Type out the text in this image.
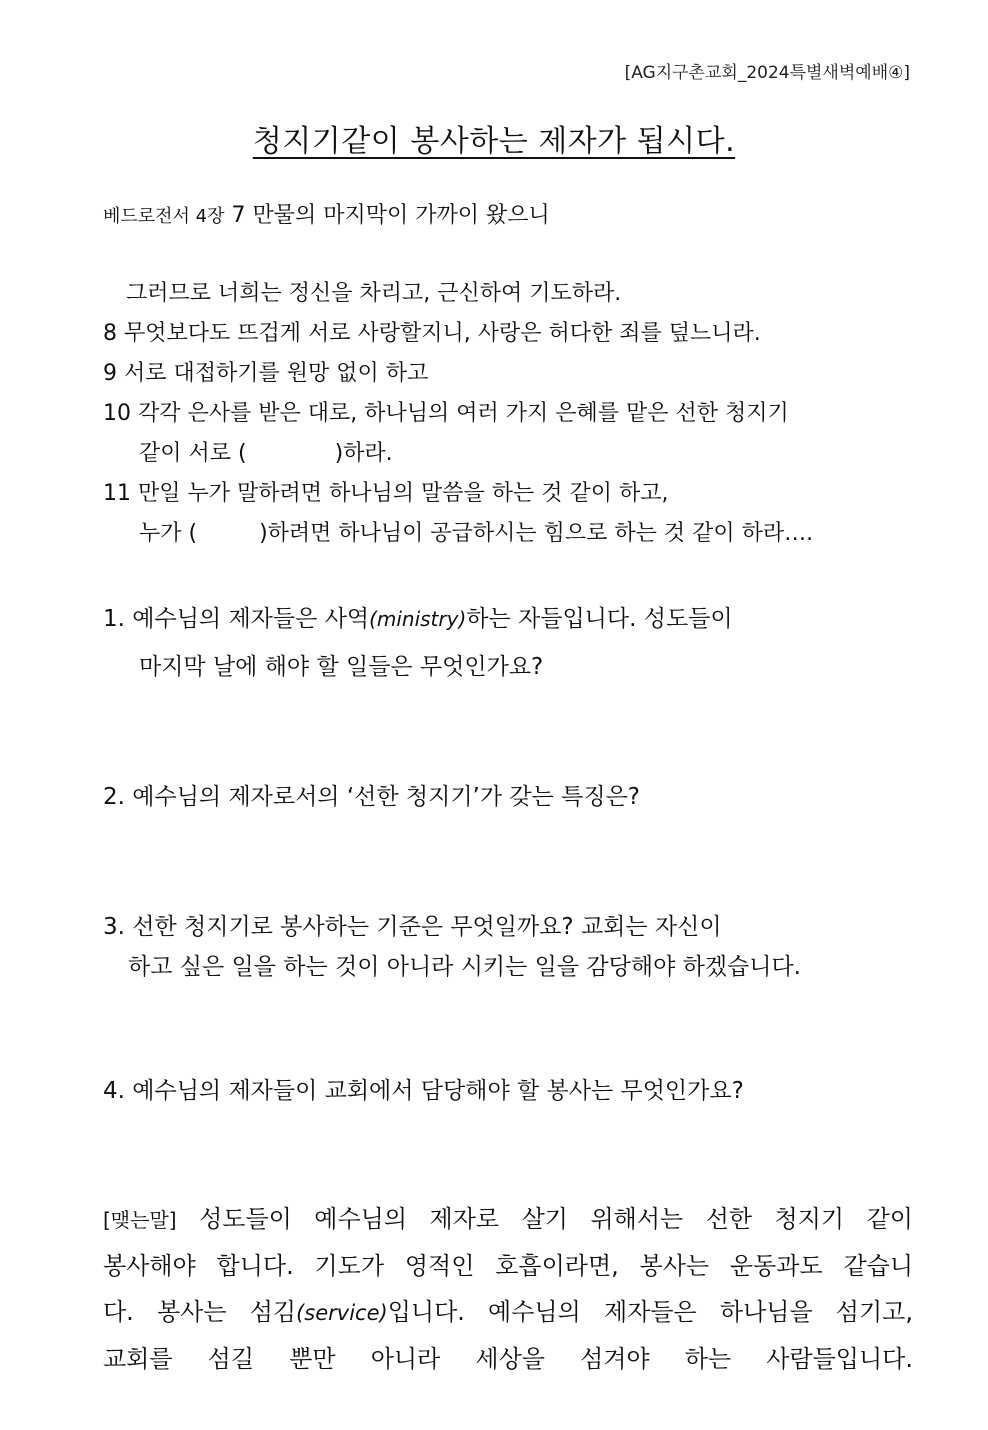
[AG지구촌교회_2024특별새벽예배④]
청지기같이 봉사하는 제자가 됩시다.
베드로전서 4장 7 만물의 마지막이 가까이 왔으니
그러므로 너희는 정신을 차리고, 근신하여 기도하라.
8 무엇보다도 뜨겁게 서로 사랑할지니, 사랑은 허다한 죄를 덮느니라.
9 서로 대접하기를 원망 없이 하고
10 각각 은사를 받은 대로, 하나님의 여러 가지 은혜를 맡은 선한 청지기
같이 서로 (	)하라.
11 만일 누가 말하려면 하나님의 말씀을 하는 것 같이 하고,
누가 (	)하려면 하나님이 공급하시는 힘으로 하는 것 같이 하라….
1. 예수님의 제자들은 사역(ministry)하는 자들입니다. 성도들이
마지막 날에 해야 할 일들은 무엇인가요?
2. 예수님의 제자로서의 ‘선한 청지기’가 갖는 특징은?
3. 선한 청지기로 봉사하는 기준은 무엇일까요? 교회는 자신이
하고 싶은 일을 하는 것이 아니라 시키는 일을 감당해야 하겠습니다.
4. 예수님의 제자들이 교회에서 담당해야 할 봉사는 무엇인가요?
[맺는말] 성도들이 예수님의 제자로 살기 위해서는 선한 청지기 같이
봉사해야 합니다. 기도가 영적인 호흡이라면, 봉사는 운동과도 같습니
다. 봉사는 섬김(service)입니다. 예수님의 제자들은 하나님을 섬기고,
교회를 섬길 뿐만 아니라 세상을 섬겨야 하는 사람들입니다.
